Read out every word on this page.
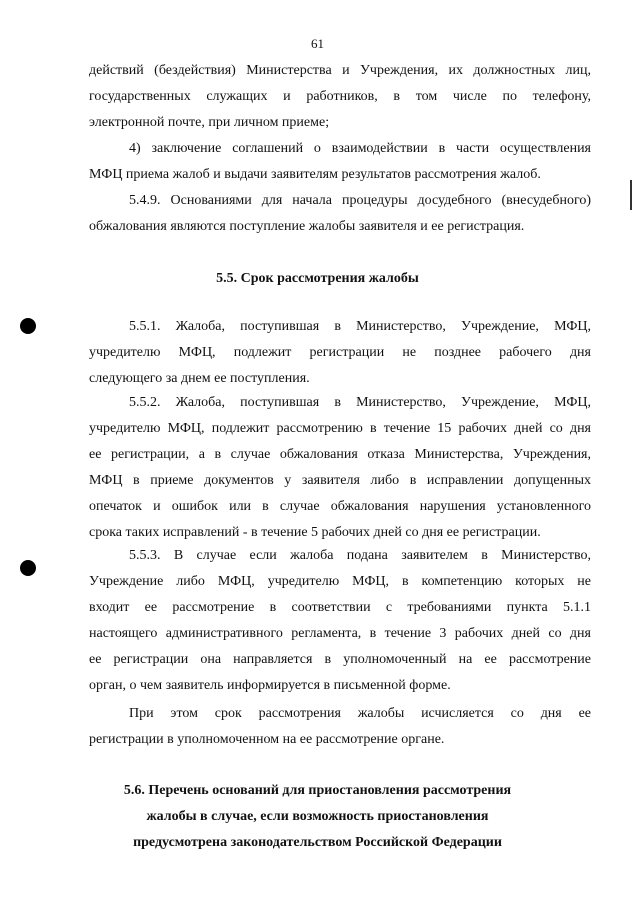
61
действий (бездействия) Министерства и Учреждения, их должностных лиц,
государственных служащих и работников, в том числе по телефону,
электронной почте, при личном приеме;
4) заключение соглашений о взаимодействии в части осуществления
МФЦ приема жалоб и выдачи заявителям результатов рассмотрения жалоб.
5.4.9. Основаниями для начала процедуры досудебного (внесудебного)
обжалования являются поступление жалобы заявителя и ее регистрация.
5.5. Срок рассмотрения жалобы
5.5.1. Жалоба, поступившая в Министерство, Учреждение, МФЦ,
учредителю МФЦ, подлежит регистрации не позднее рабочего дня
следующего за днем ее поступления.
5.5.2. Жалоба, поступившая в Министерство, Учреждение, МФЦ,
учредителю МФЦ, подлежит рассмотрению в течение 15 рабочих дней со дня
ее регистрации, а в случае обжалования отказа Министерства, Учреждения,
МФЦ в приеме документов у заявителя либо в исправлении допущенных
опечаток и ошибок или в случае обжалования нарушения установленного
срока таких исправлений - в течение 5 рабочих дней со дня ее регистрации.
5.5.3. В случае если жалоба подана заявителем в Министерство,
Учреждение либо МФЦ, учредителю МФЦ, в компетенцию которых не
входит ее рассмотрение в соответствии с требованиями пункта 5.1.1
настоящего административного регламента, в течение 3 рабочих дней со дня
ее регистрации она направляется в уполномоченный на ее рассмотрение
орган, о чем заявитель информируется в письменной форме.
При этом срок рассмотрения жалобы исчисляется со дня ее
регистрации в уполномоченном на ее рассмотрение органе.
5.6. Перечень оснований для приостановления рассмотрения
жалобы в случае, если возможность приостановления
предусмотрена законодательством Российской Федерации
